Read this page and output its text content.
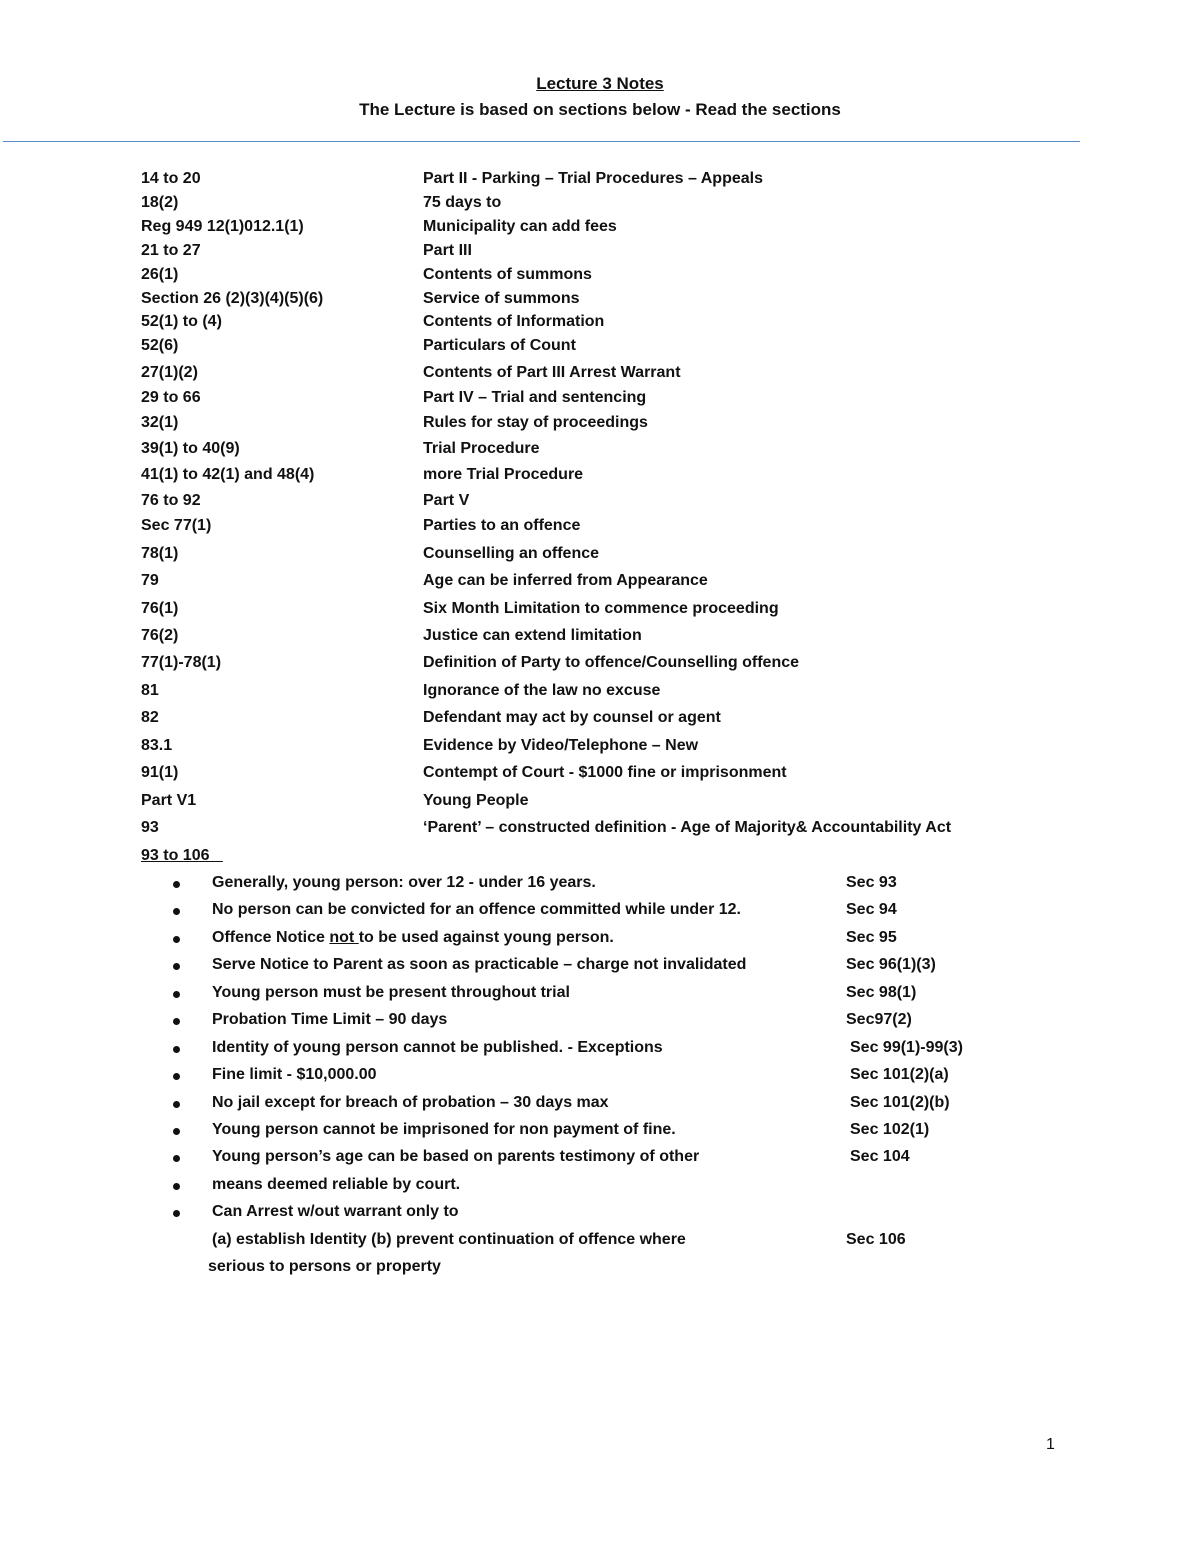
Lecture 3 Notes
The Lecture is based on sections below - Read the sections
14 to 20	Part II - Parking – Trial Procedures – Appeals
18(2)	75 days to
Reg 949 12(1)012.1(1)	Municipality can add fees
21 to 27	Part III
26(1)	Contents of summons
Section 26 (2)(3)(4)(5)(6)	Service of summons
52(1) to (4)	Contents of Information
52(6)	Particulars of Count
27(1)(2)	Contents of Part III Arrest Warrant
29 to 66	Part IV – Trial and sentencing
32(1)	Rules for stay of proceedings
39(1) to 40(9)	Trial Procedure
41(1) to 42(1) and 48(4)	more Trial Procedure
76 to 92	Part V
Sec 77(1)	Parties to an offence
78(1)	Counselling an offence
79	Age can be inferred from Appearance
76(1)	Six Month Limitation to commence proceeding
76(2)	Justice can extend limitation
77(1)-78(1)	Definition of Party to offence/Counselling offence
81	Ignorance of the law no excuse
82	Defendant may act by counsel or agent
83.1	Evidence by Video/Telephone – New
91(1)	Contempt of Court - $1000 fine or imprisonment
Part V1	Young People
93	‘Parent’ – constructed definition - Age of Majority& Accountability Act
93 to 106
Generally, young person: over 12 - under 16 years.	Sec 93
No person can be convicted for an offence committed while under 12.	Sec 94
Offence Notice not to be used against young person.	Sec 95
Serve Notice to Parent as soon as practicable – charge not invalidated	Sec 96(1)(3)
Young person must be present throughout trial	Sec 98(1)
Probation Time Limit – 90 days	Sec97(2)
Identity of young person cannot be published. - Exceptions	Sec 99(1)-99(3)
Fine limit - $10,000.00	Sec 101(2)(a)
No jail except for breach of probation – 30 days max	Sec 101(2)(b)
Young person cannot be imprisoned for non payment of fine.	Sec 102(1)
Young person’s age can be based on parents testimony of other	Sec 104
means deemed reliable by court.
Can Arrest w/out warrant only to
(a) establish Identity (b) prevent continuation of offence where	Sec 106
serious to persons or property
1
